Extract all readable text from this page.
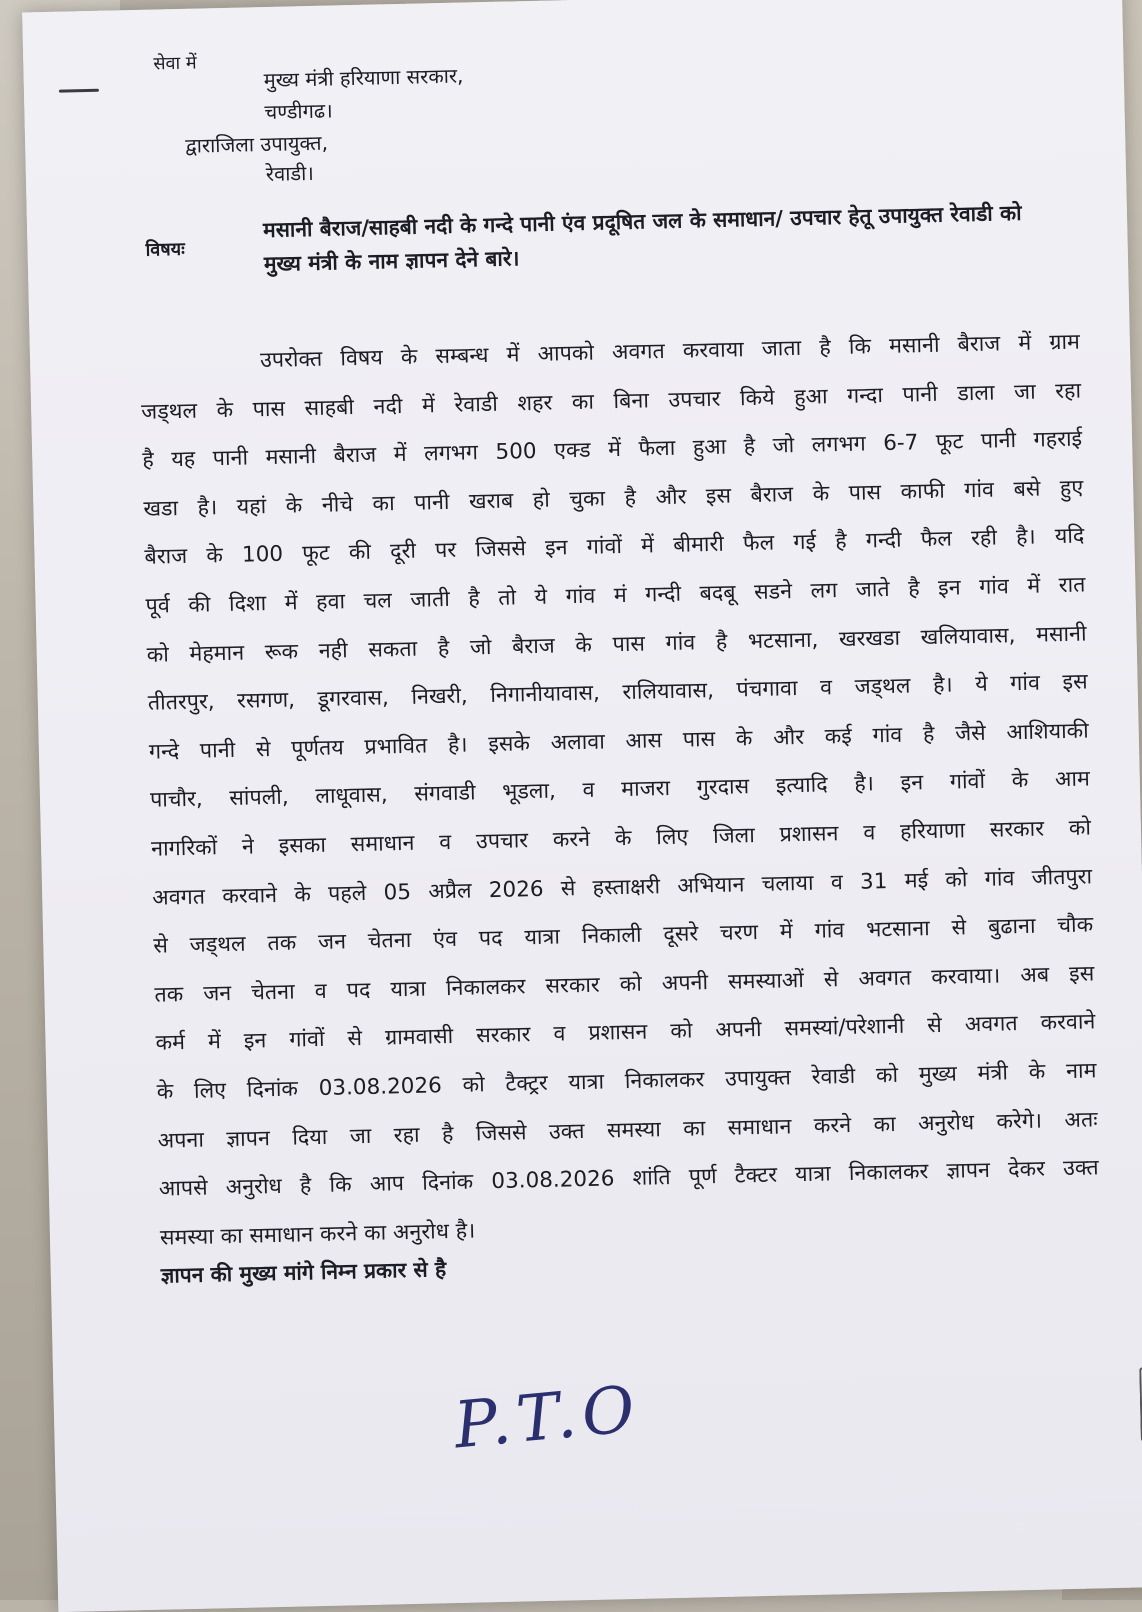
सेवा में	मुख्य मंत्री हरियाणा सरकार,
चण्डीगढ।
द्वाराजिला उपायुक्त,
रेवाडी।
विषयः
मसानी बैराज/साहबी नदी के गन्दे पानी एंव प्रदूषित जल के समाधान/ उपचार हेतू उपायुक्त रेवाडी को मुख्य मंत्री के नाम ज्ञापन देने बारे।
उपरोक्त विषय के सम्बन्ध में आपको अवगत करवाया जाता है कि मसानी बैराज में ग्राम
जड्थल के पास साहबी नदी में रेवाडी शहर का बिना उपचार किये हुआ गन्दा पानी डाला जा रहा
है यह पानी मसानी बैराज में लगभग 500 एक्ड में फैला हुआ है जो लगभग 6-7 फूट पानी गहराई
खडा है। यहां के नीचे का पानी खराब हो चुका है और इस बैराज के पास काफी गांव बसे हुए
बैराज के 100 फूट की दूरी पर जिससे इन गांवों में बीमारी फैल गई है गन्दी फैल रही है। यदि
पूर्व की दिशा में हवा चल जाती है तो ये गांव मं गन्दी बदबू सडने लग जाते है इन गांव में रात
को मेहमान रूक नही सकता है जो बैराज के पास गांव है भटसाना, खरखडा खलियावास, मसानी
तीतरपुर, रसगण, डूगरवास, निखरी, निगानीयावास, रालियावास, पंचगावा व जड्थल है। ये गांव इस
गन्दे पानी से पूर्णतय प्रभावित है। इसके अलावा आस पास के और कई गांव है जैसे आशियाकी
पाचौर, सांपली, लाधूवास, संगवाडी भूडला, व माजरा गुरदास इत्यादि है। इन गांवों के आम
नागरिकों ने इसका समाधान व उपचार करने के लिए जिला प्रशासन व हरियाणा सरकार को
अवगत करवाने के पहले 05 अप्रैल 2026 से हस्ताक्षरी अभियान चलाया व 31 मई को गांव जीतपुरा
से जड्थल तक जन चेतना एंव पद यात्रा निकाली दूसरे चरण में गांव भटसाना से बुढाना चौक
तक जन चेतना व पद यात्रा निकालकर सरकार को अपनी समस्याओं से अवगत करवाया। अब इस
कर्म में इन गांवों से ग्रामवासी सरकार व प्रशासन को अपनी समस्यां/परेशानी से अवगत करवाने
के लिए दिनांक 03.08.2026 को टैक्ट्रर यात्रा निकालकर उपायुक्त रेवाडी को मुख्य मंत्री के नाम
अपना ज्ञापन दिया जा रहा है जिससे उक्त समस्या का समाधान करने का अनुरोध करेगे। अतः
आपसे अनुरोध है कि आप दिनांक 03.08.2026 शांति पूर्ण टैक्टर यात्रा निकालकर ज्ञापन देकर उक्त
समस्या का समाधान करने का अनुरोध है।
ज्ञापन की मुख्य मांगे निम्न प्रकार से है
P.T.O
